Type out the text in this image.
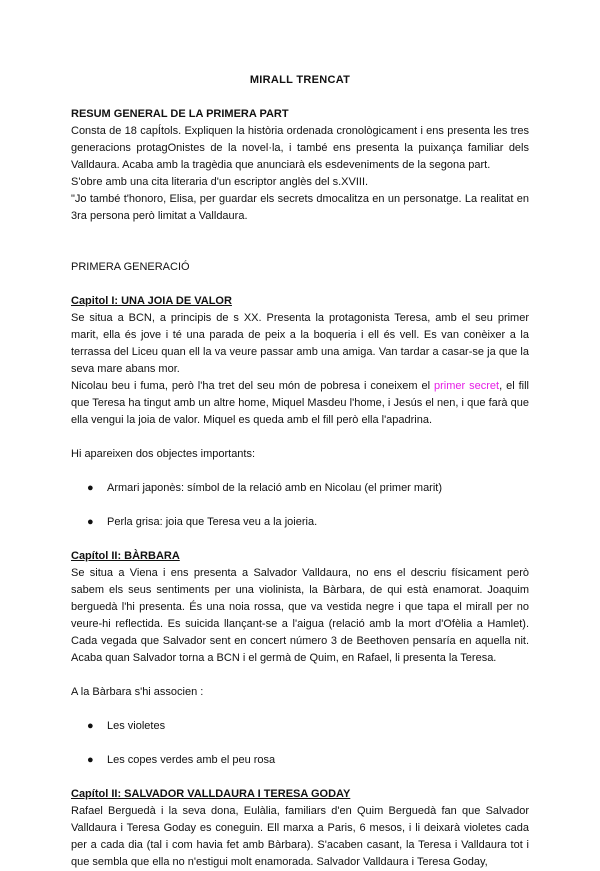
MIRALL TRENCAT
RESUM GENERAL DE LA PRIMERA PART

Consta de 18 capÍtols. Expliquen la història ordenada cronològicament i ens presenta les tres generacions protagOnistes de la novel·la, i també ens presenta la puixança familiar dels Valldaura. Acaba amb la tragèdia que anunciarà els esdeveniments de la segona part.

S'obre amb una cita literaria d'un escriptor anglès del s.XVIII.

"Jo també t'honoro, Elisa, per guardar els secrets dmocalitza en un personatge. La realitat en 3ra persona però limitat a Valldaura.

PRIMERA GENERACIÓ

Capitol I: UNA JOIA DE VALOR

Se situa a BCN, a principis de s XX. Presenta la protagonista Teresa, amb el seu primer marit, ella és jove i té una parada de peix a la boqueria i ell és vell. Es van conèixer a la terrassa del Liceu quan ell la va veure passar amb una amiga. Van tardar a casar-se ja que la seva mare abans mor.

Nicolau beu i fuma, però l'ha tret del seu món de pobresa i coneixem el primer secret, el fill que Teresa ha tingut amb un altre home, Miquel Masdeu l'home, i Jesús el nen, i que farà que ella vengui la joia de valor. Miquel es queda amb el fill però ella l'apadrina.

Hi apareixen dos objectes importants:

● Armari japonès: símbol de la relació amb en Nicolau (el primer marit)
● Perla grisa: joia que Teresa veu a la joieria.
Capítol II: BÀRBARA

Se situa a Viena i ens presenta a Salvador Valldaura, no ens el descriu físicament però sabem els seus sentiments per una violinista, la Bàrbara, de qui està enamorat. Joaquim berguedà l'hi presenta. És una noia rossa, que va vestida negre i que tapa el mirall per no veure-hi reflectida. Es suicida llançant-se a l'aigua (relació amb la mort d'Ofèlia a Hamlet). Cada vegada que Salvador sent en concert número 3 de Beethoven pensaría en aquella nit. Acaba quan Salvador torna a BCN i el germà de Quim, en Rafael, li presenta la Teresa.

A la Bàrbara s'hi associen :

● Les violetes
● Les copes verdes amb el peu rosa
Capítol II: SALVADOR VALLDAURA I TERESA GODAY

Rafael Berguedà i la seva dona, Eulàlia, familiars d'en Quim Berguedà fan que Salvador Valldaura i Teresa Goday es coneguin. Ell marxa a Paris, 6 mesos, i li deixarà violetes cada per a cada dia (tal i com havia fet amb Bàrbara). S'acaben casant, la Teresa i Valldaura tot i que sembla que ella no n'estigui molt enamorada. Salvador Valldaura i Teresa Goday,
